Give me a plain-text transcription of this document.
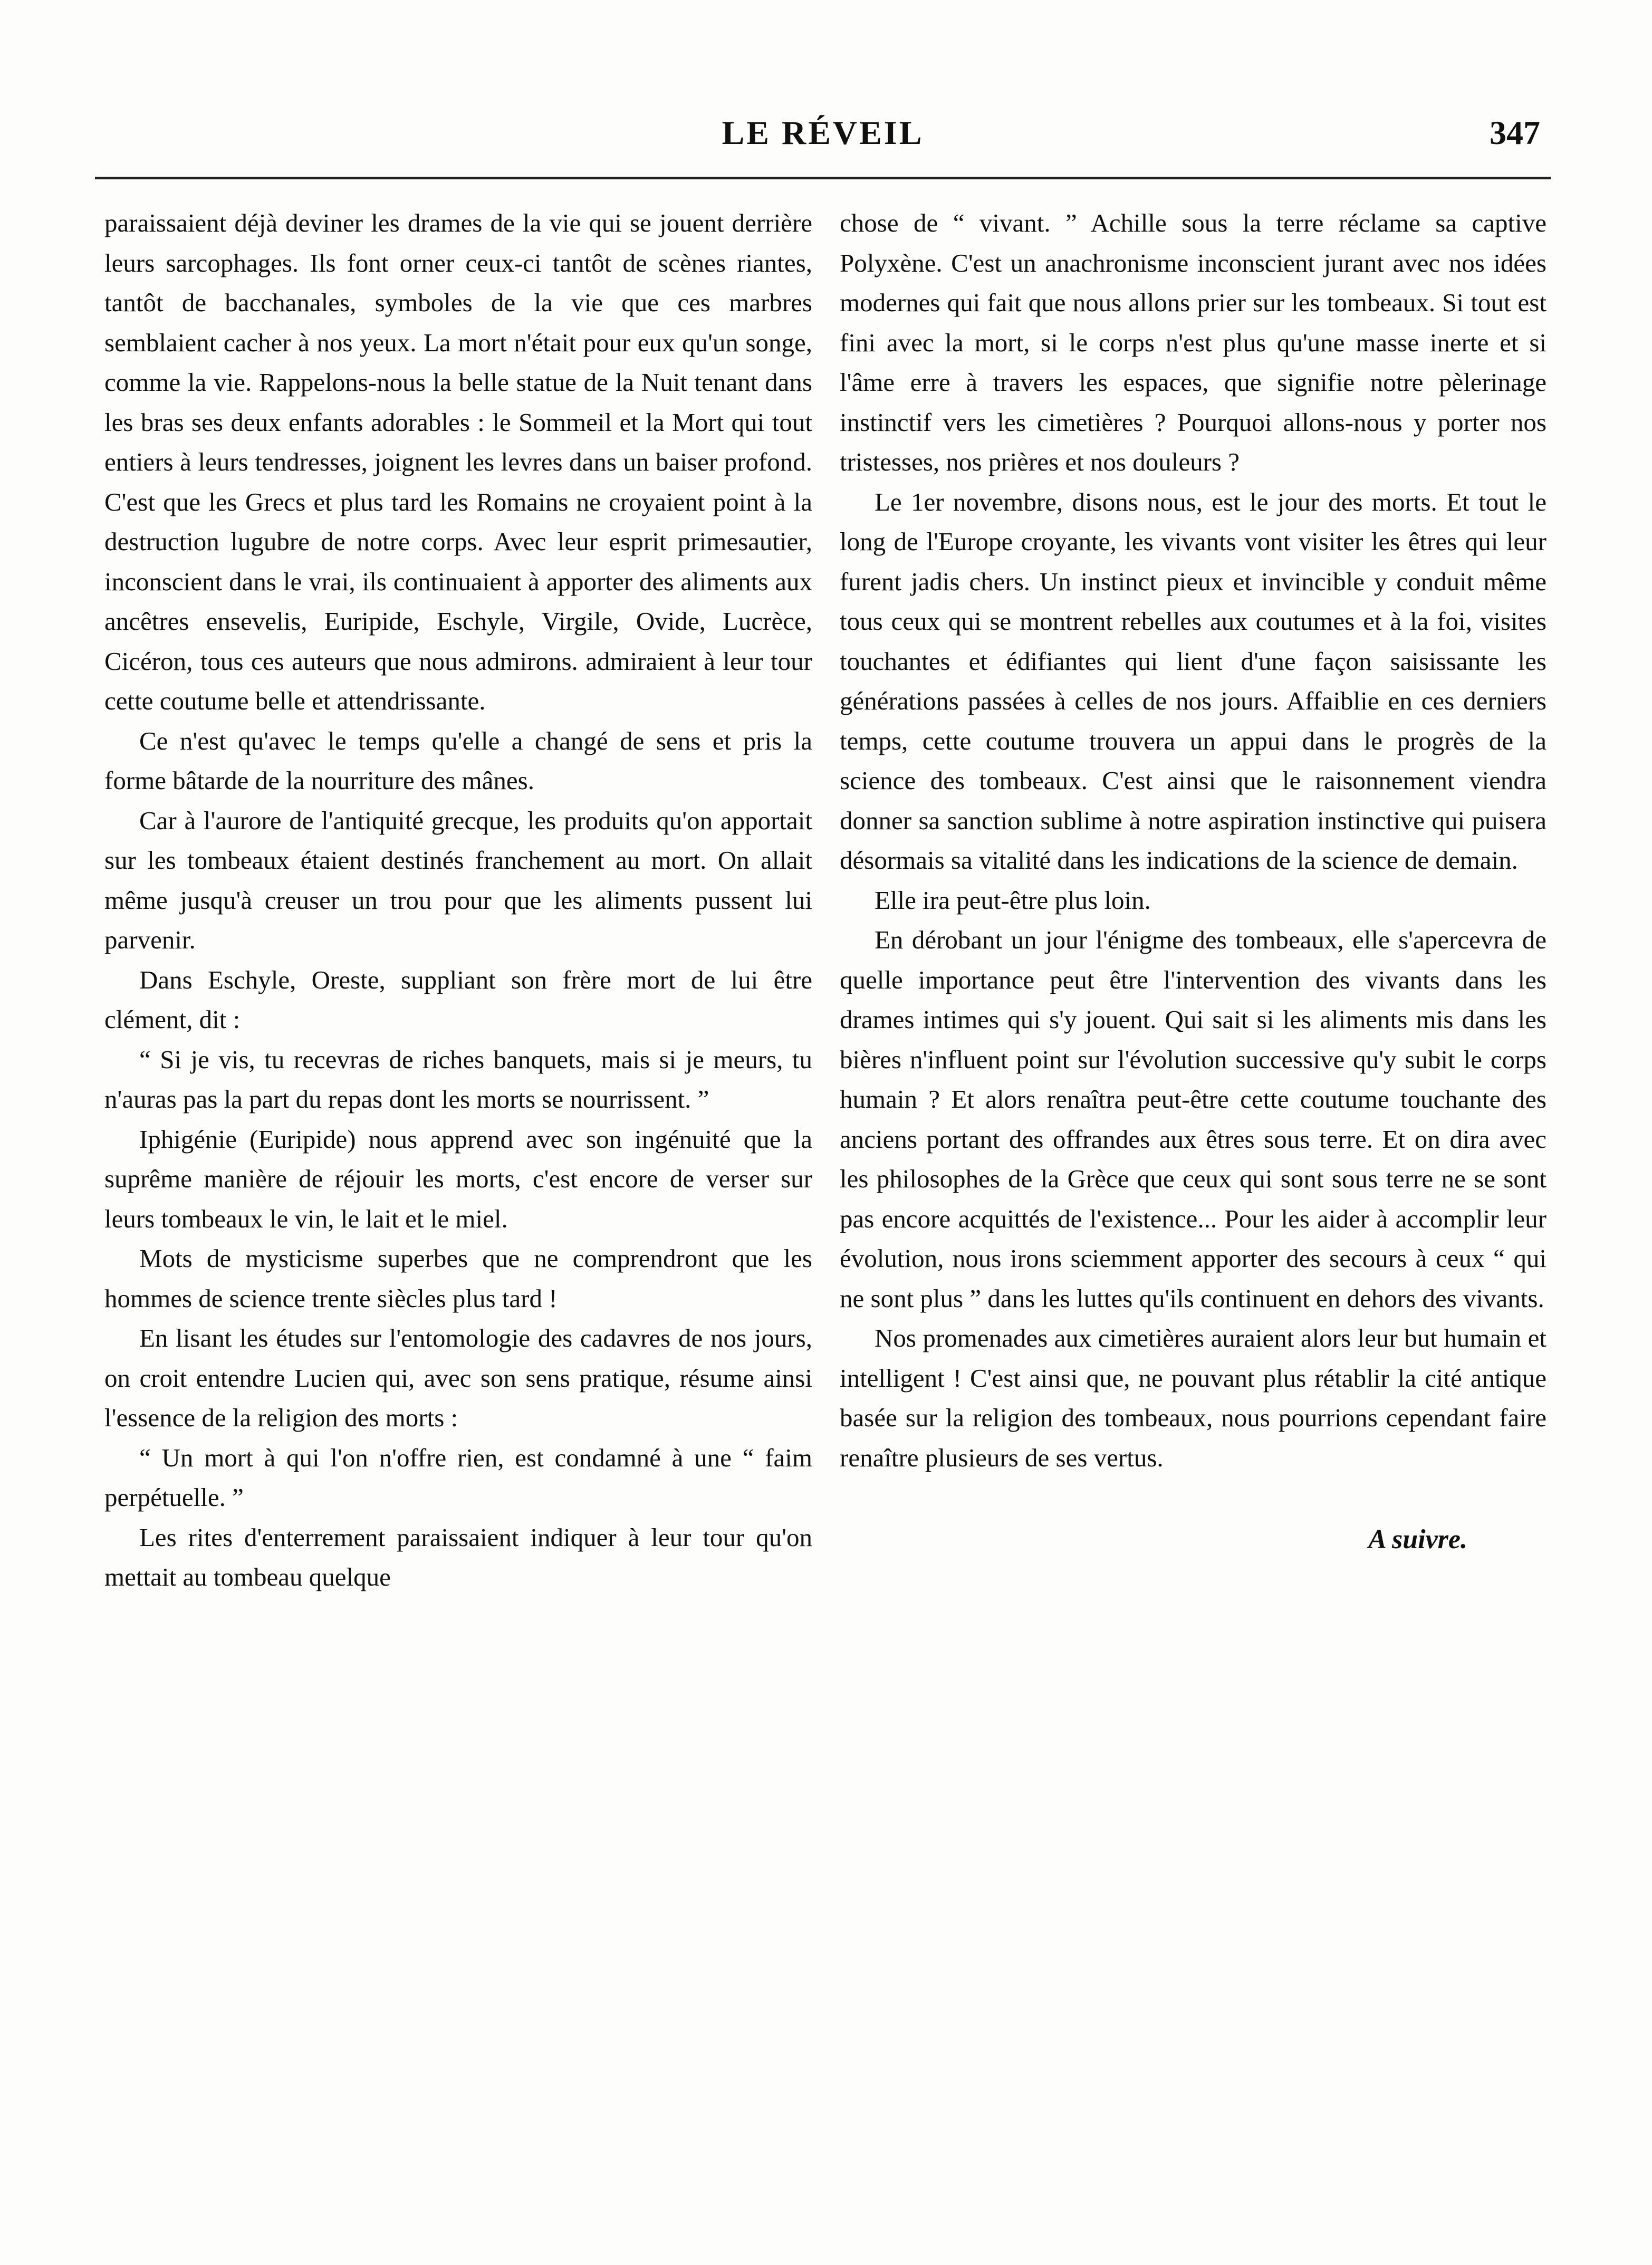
LE RÉVEIL	347

paraissaient déjà deviner les drames de la vie qui se jouent derrière leurs sarcophages. Ils font orner ceux-ci tantôt de scènes riantes, tantôt de bacchanales, symboles de la vie que ces marbres semblaient cacher à nos yeux. La mort n'était pour eux qu'un songe, comme la vie. Rappelons-nous la belle statue de la Nuit tenant dans les bras ses deux enfants adorables : le Sommeil et la Mort qui tout entiers à leurs tendresses, joignent les levres dans un baiser profond. C'est que les Grecs et plus tard les Romains ne croyaient point à la destruction lugubre de notre corps. Avec leur esprit primesautier, inconscient dans le vrai, ils continuaient à apporter des aliments aux ancêtres ensevelis, Euripide, Eschyle, Virgile, Ovide, Lucrèce, Cicéron, tous ces auteurs que nous admirons. admiraient à leur tour cette coutume belle et attendrissante.

Ce n'est qu'avec le temps qu'elle a changé de sens et pris la forme bâtarde de la nourriture des mânes.

Car à l'aurore de l'antiquité grecque, les produits qu'on apportait sur les tombeaux étaient destinés franchement au mort. On allait même jusqu'à creuser un trou pour que les aliments pussent lui parvenir.

Dans Eschyle, Oreste, suppliant son frère mort de lui être clément, dit :

“ Si je vis, tu recevras de riches banquets, mais si je meurs, tu n'auras pas la part du repas dont les morts se nourrissent. ”

Iphigénie (Euripide) nous apprend avec son ingénuité que la suprême manière de réjouir les morts, c'est encore de verser sur leurs tombeaux le vin, le lait et le miel.

Mots de mysticisme superbes que ne comprendront que les hommes de science trente siècles plus tard !

En lisant les études sur l'entomologie des cadavres de nos jours, on croit entendre Lucien qui, avec son sens pratique, résume ainsi l'essence de la religion des morts :

“ Un mort à qui l'on n'offre rien, est condamné à une “ faim perpétuelle. ”

Les rites d'enterrement paraissaient indiquer à leur tour qu'on mettait au tombeau quelque

chose de “ vivant. ” Achille sous la terre réclame sa captive Polyxène. C'est un anachronisme inconscient jurant avec nos idées modernes qui fait que nous allons prier sur les tombeaux. Si tout est fini avec la mort, si le corps n'est plus qu'une masse inerte et si l'âme erre à travers les espaces, que signifie notre pèlerinage instinctif vers les cimetières ? Pourquoi allons-nous y porter nos tristesses, nos prières et nos douleurs ?

Le 1er novembre, disons nous, est le jour des morts. Et tout le long de l'Europe croyante, les vivants vont visiter les êtres qui leur furent jadis chers. Un instinct pieux et invincible y conduit même tous ceux qui se montrent rebelles aux coutumes et à la foi, visites touchantes et édifiantes qui lient d'une façon saisissante les générations passées à celles de nos jours. Affaiblie en ces derniers temps, cette coutume trouvera un appui dans le progrès de la science des tombeaux. C'est ainsi que le raisonnement viendra donner sa sanction sublime à notre aspiration instinctive qui puisera désormais sa vitalité dans les indications de la science de demain.

Elle ira peut-être plus loin.

En dérobant un jour l'énigme des tombeaux, elle s'apercevra de quelle importance peut être l'intervention des vivants dans les drames intimes qui s'y jouent. Qui sait si les aliments mis dans les bières n'influent point sur l'évolution successive qu'y subit le corps humain ? Et alors renaîtra peut-être cette coutume touchante des anciens portant des offrandes aux êtres sous terre. Et on dira avec les philosophes de la Grèce que ceux qui sont sous terre ne se sont pas encore acquittés de l'existence... Pour les aider à accomplir leur évolution, nous irons sciemment apporter des secours à ceux “ qui ne sont plus ” dans les luttes qu'ils continuent en dehors des vivants.

Nos promenades aux cimetières auraient alors leur but humain et intelligent ! C'est ainsi que, ne pouvant plus rétablir la cité antique basée sur la religion des tombeaux, nous pourrions cependant faire renaître plusieurs de ses vertus.

A suivre.
